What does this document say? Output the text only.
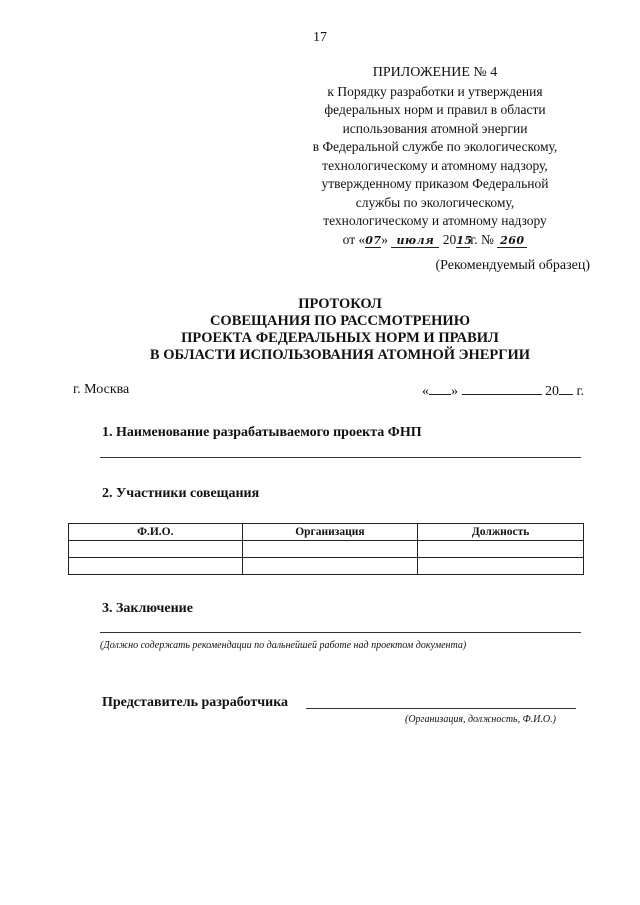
17
ПРИЛОЖЕНИЕ № 4
к Порядку разработки и утверждения
федеральных норм и правил в области
использования атомной энергии
в Федеральной службе по экологическому,
технологическому и атомному надзору,
утвержденному приказом Федеральной
службы по экологическому,
технологическому и атомному надзору
от «07» июля 2015г. № 260
(Рекомендуемый образец)
ПРОТОКОЛ
СОВЕЩАНИЯ ПО РАССМОТРЕНИЮ
ПРОЕКТА ФЕДЕРАЛЬНЫХ НОРМ И ПРАВИЛ
В ОБЛАСТИ ИСПОЛЬЗОВАНИЯ АТОМНОЙ ЭНЕРГИИ
г. Москва	« »	20 г.
1. Наименование разрабатываемого проекта ФНП
2. Участники совещания
Ф.И.О.	Организация	Должность

3. Заключение
(Должно содержать рекомендации по дальнейшей работе над проектом документа)
Представитель разработчика
(Организация, должность, Ф.И.О.)
